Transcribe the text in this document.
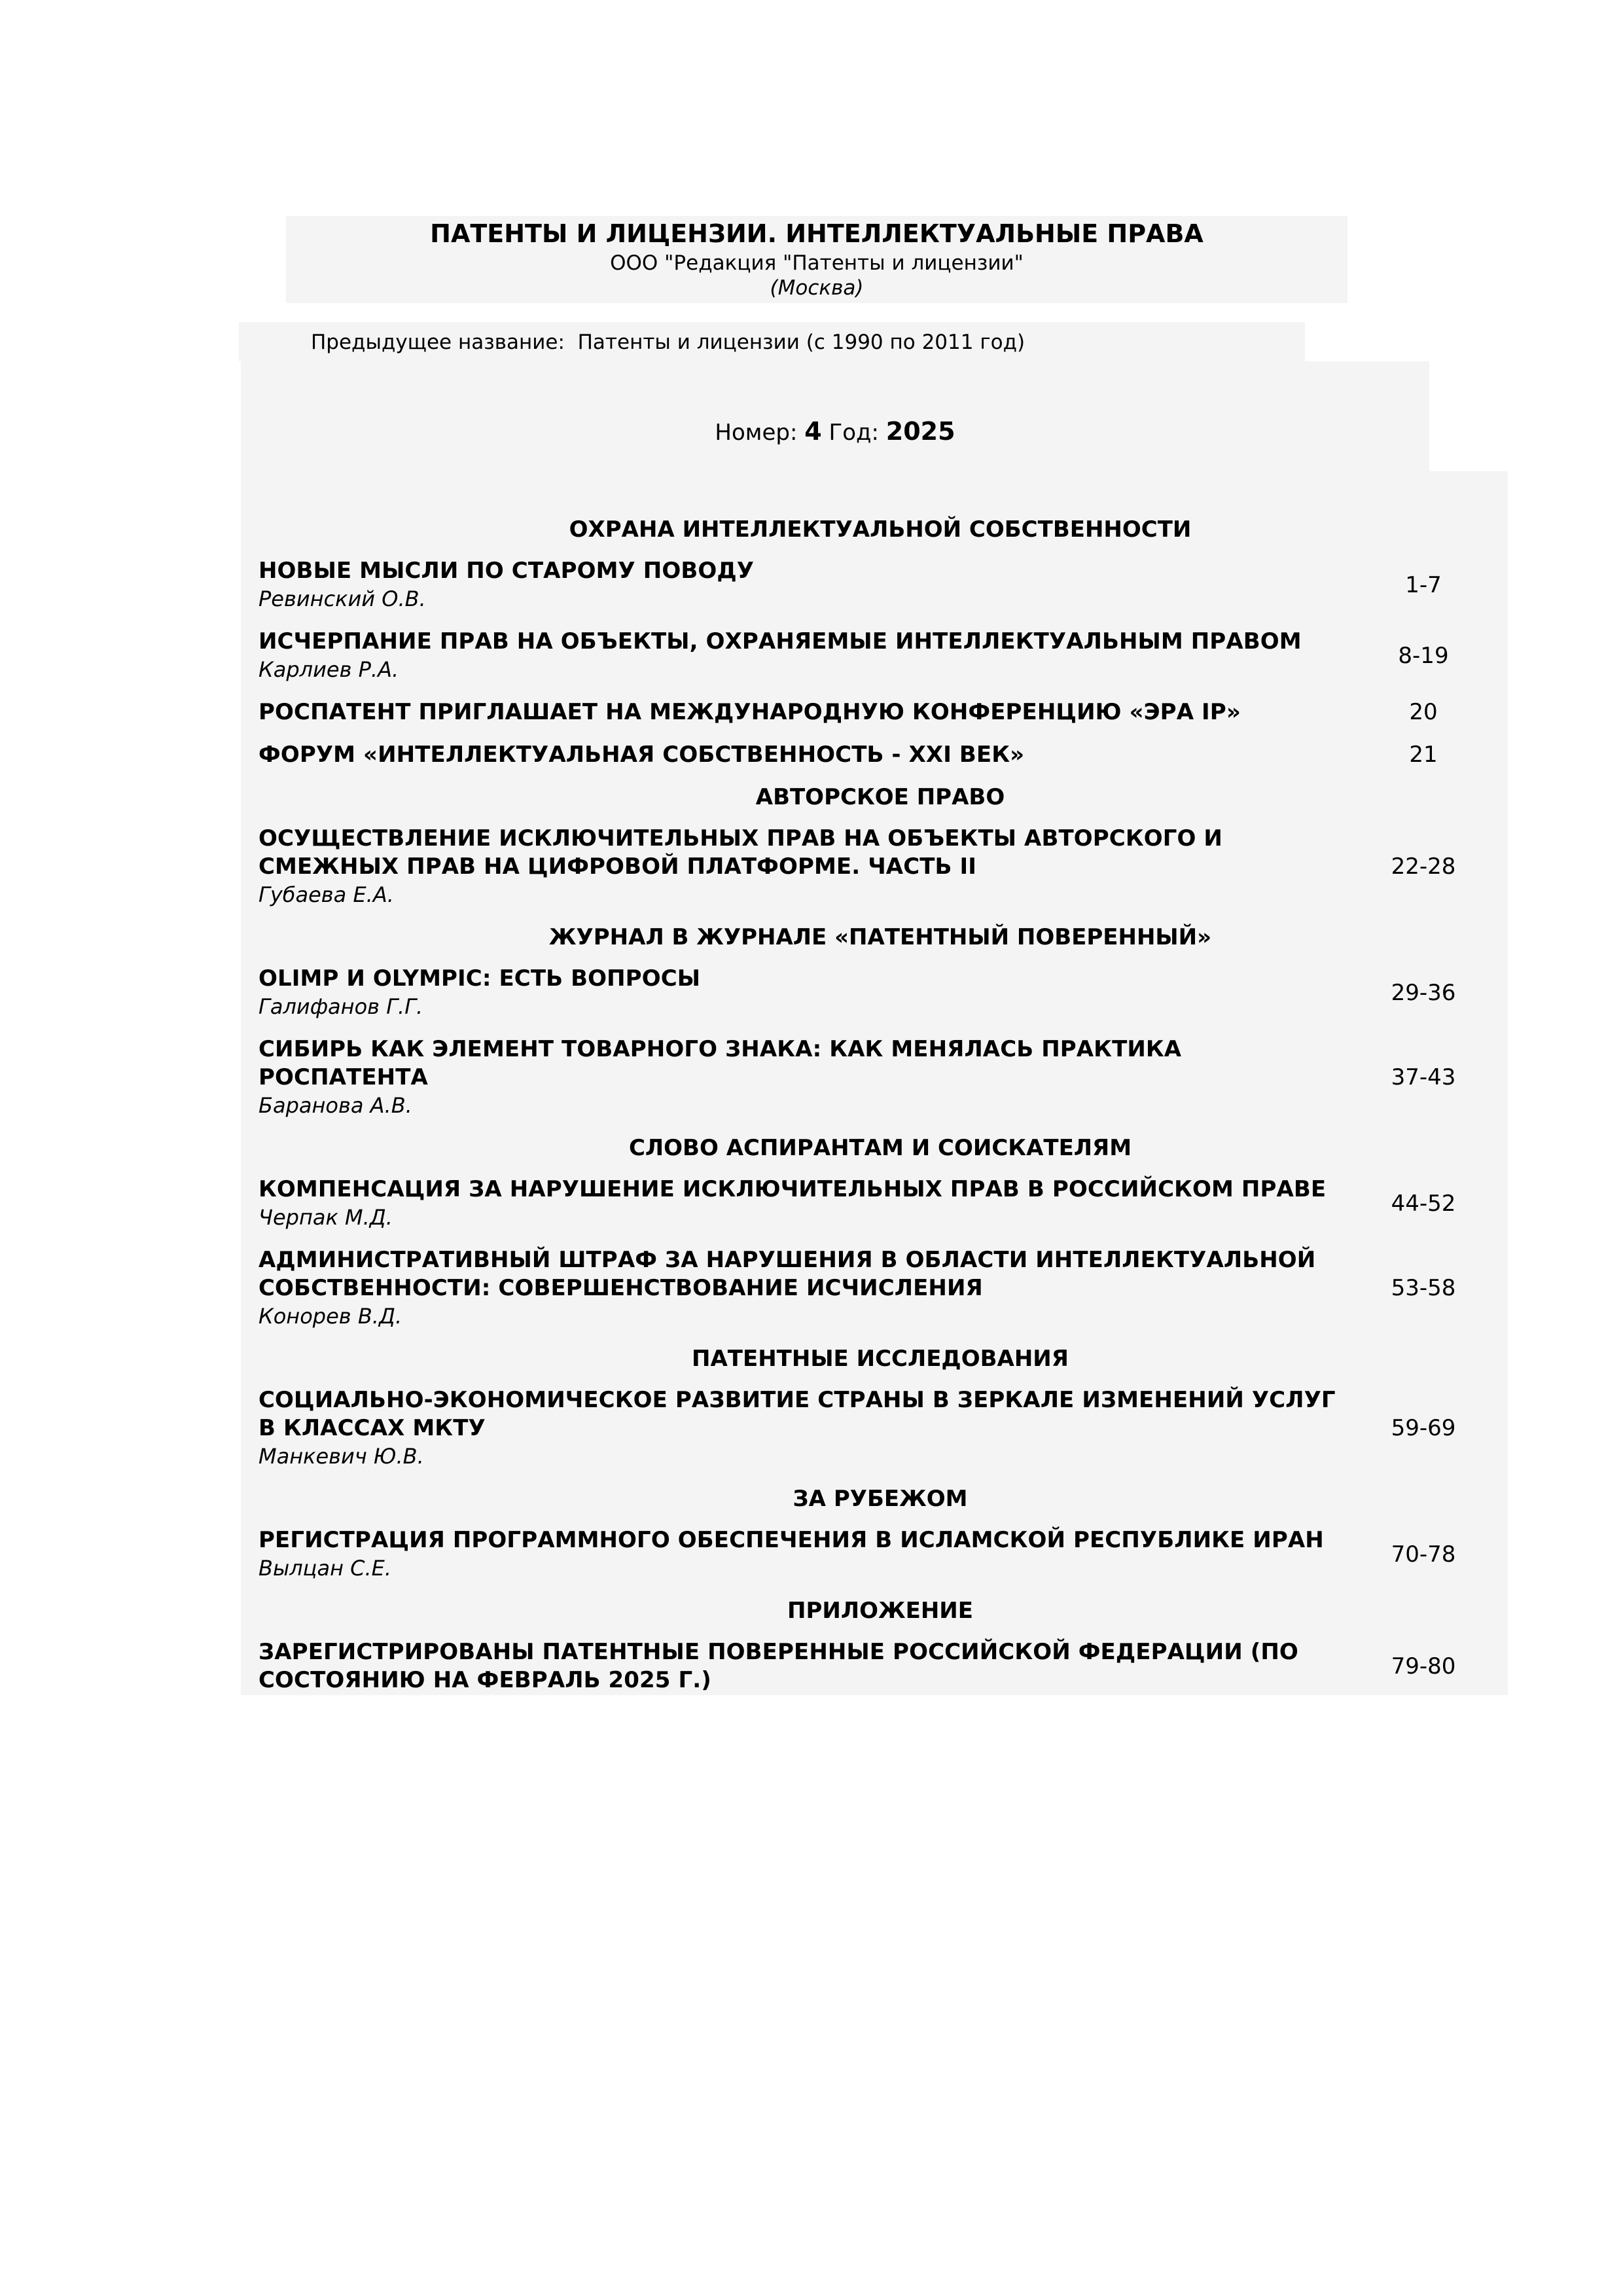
ПАТЕНТЫ И ЛИЦЕНЗИИ. ИНТЕЛЛЕКТУАЛЬНЫЕ ПРАВА
ООО "Редакция "Патенты и лицензии"
(Москва)
Предыдущее название: Патенты и лицензии (с 1990 по 2011 год)
Номер: 4 Год: 2025
ОХРАНА ИНТЕЛЛЕКТУАЛЬНОЙ СОБСТВЕННОСТИ
НОВЫЕ МЫСЛИ ПО СТАРОМУ ПОВОДУ
Ревинский О.В.
1-7
ИСЧЕРПАНИЕ ПРАВ НА ОБЪЕКТЫ, ОХРАНЯЕМЫЕ ИНТЕЛЛЕКТУАЛЬНЫМ ПРАВОМ
Карлиев Р.А.
8-19
РОСПАТЕНТ ПРИГЛАШАЕТ НА МЕЖДУНАРОДНУЮ КОНФЕРЕНЦИЮ «ЭРА IP»	20
ФОРУМ «ИНТЕЛЛЕКТУАЛЬНАЯ СОБСТВЕННОСТЬ - XXI ВЕК»	21
АВТОРСКОЕ ПРАВО
ОСУЩЕСТВЛЕНИЕ ИСКЛЮЧИТЕЛЬНЫХ ПРАВ НА ОБЪЕКТЫ АВТОРСКОГО И СМЕЖНЫХ ПРАВ НА ЦИФРОВОЙ ПЛАТФОРМЕ. ЧАСТЬ II
Губаева Е.А.
22-28
ЖУРНАЛ В ЖУРНАЛЕ «ПАТЕНТНЫЙ ПОВЕРЕННЫЙ»
OLIMP И OLYMPIC: ЕСТЬ ВОПРОСЫ
Галифанов Г.Г.
29-36
СИБИРЬ КАК ЭЛЕМЕНТ ТОВАРНОГО ЗНАКА: КАК МЕНЯЛАСЬ ПРАКТИКА РОСПАТЕНТА
Баранова А.В.
37-43
СЛОВО АСПИРАНТАМ И СОИСКАТЕЛЯМ
КОМПЕНСАЦИЯ ЗА НАРУШЕНИЕ ИСКЛЮЧИТЕЛЬНЫХ ПРАВ В РОССИЙСКОМ ПРАВЕ
Черпак М.Д.
44-52
АДМИНИСТРАТИВНЫЙ ШТРАФ ЗА НАРУШЕНИЯ В ОБЛАСТИ ИНТЕЛЛЕКТУАЛЬНОЙ СОБСТВЕННОСТИ: СОВЕРШЕНСТВОВАНИЕ ИСЧИСЛЕНИЯ
Конорев В.Д.
53-58
ПАТЕНТНЫЕ ИССЛЕДОВАНИЯ
СОЦИАЛЬНО-ЭКОНОМИЧЕСКОЕ РАЗВИТИЕ СТРАНЫ В ЗЕРКАЛЕ ИЗМЕНЕНИЙ УСЛУГ В КЛАССАХ МКТУ
Манкевич Ю.В.
59-69
ЗА РУБЕЖОМ
РЕГИСТРАЦИЯ ПРОГРАММНОГО ОБЕСПЕЧЕНИЯ В ИСЛАМСКОЙ РЕСПУБЛИКЕ ИРАН
Вылцан С.Е.
70-78
ПРИЛОЖЕНИЕ
ЗАРЕГИСТРИРОВАНЫ ПАТЕНТНЫЕ ПОВЕРЕННЫЕ РОССИЙСКОЙ ФЕДЕРАЦИИ (ПО СОСТОЯНИЮ НА ФЕВРАЛЬ 2025 Г.)
79-80
